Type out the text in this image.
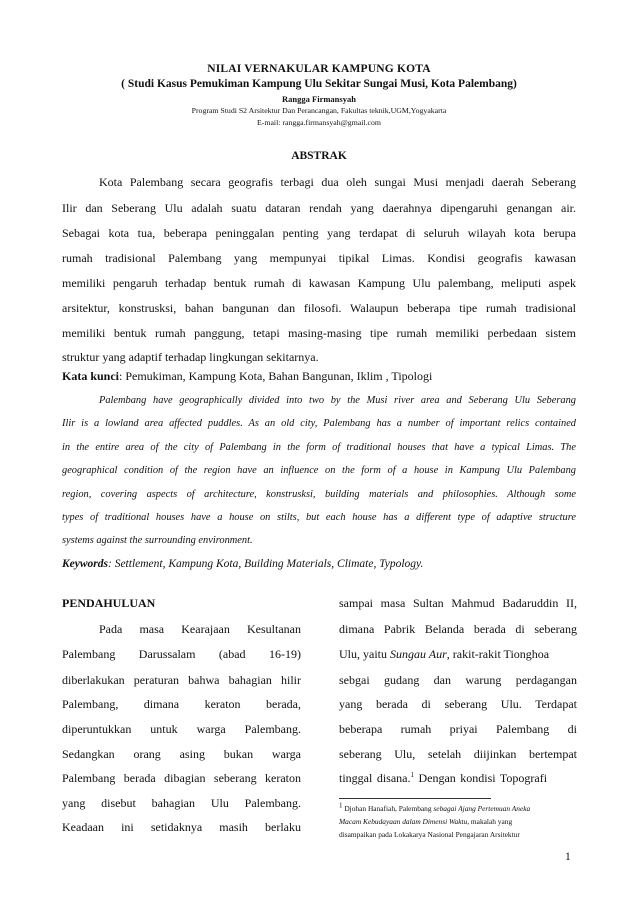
NILAI VERNAKULAR KAMPUNG KOTA
( Studi Kasus Pemukiman Kampung Ulu Sekitar Sungai Musi, Kota Palembang)
Rangga Firmansyah
Program Studi S2 Arsitektur Dan Perancangan, Fakultas teknik,UGM,Yogyakarta
E-mail: rangga.firmansyah@gmail.com
ABSTRAK
Kota Palembang secara geografis terbagi dua oleh sungai Musi menjadi daerah Seberang
Ilir dan Seberang Ulu adalah suatu dataran rendah yang daerahnya dipengaruhi genangan air.
Sebagai kota tua, beberapa peninggalan penting yang terdapat di seluruh wilayah kota berupa
rumah tradisional Palembang yang mempunyai tipikal Limas. Kondisi geografis kawasan
memiliki pengaruh terhadap bentuk rumah di kawasan Kampung Ulu palembang, meliputi aspek
arsitektur, konstrusksi, bahan bangunan dan filosofi. Walaupun beberapa tipe rumah tradisional
memiliki bentuk rumah panggung, tetapi masing-masing tipe rumah memiliki perbedaan sistem
struktur yang adaptif terhadap lingkungan sekitarnya.
Kata kunci: Pemukiman, Kampung Kota, Bahan Bangunan, Iklim , Tipologi
Palembang have geographically divided into two by the Musi river area and Seberang Ulu Seberang
Ilir is a lowland area affected puddles. As an old city, Palembang has a number of important relics contained
in the entire area of the city of Palembang in the form of traditional houses that have a typical Limas. The
geographical condition of the region have an influence on the form of a house in Kampung Ulu Palembang
region, covering aspects of architecture, konstrusksi, building materials and philosophies. Although some
types of traditional houses have a house on stilts, but each house has a different type of adaptive structure
systems against the surrounding environment.
Keywords: Settlement, Kampung Kota, Building Materials, Climate, Typology.
PENDAHULUAN
Pada masa Kearajaan Kesultanan
Palembang Darussalam (abad 16-19)
diberlakukan peraturan bahwa bahagian hilir
Palembang, dimana keraton berada,
diperuntukkan untuk warga Palembang.
Sedangkan orang asing bukan warga
Palembang berada dibagian seberang keraton
yang disebut bahagian Ulu Palembang.
Keadaan ini setidaknya masih berlaku
sampai masa Sultan Mahmud Badaruddin II,
dimana Pabrik Belanda berada di seberang
Ulu, yaitu Sungau Aur, rakit-rakit Tionghoa
sebgai gudang dan warung perdagangan
yang berada di seberang Ulu. Terdapat
beberapa rumah priyai Palembang di
seberang Ulu, setelah diijinkan bertempat
tinggal disana.$^1$ Dengan kondisi Topografi
$^1$ Djohan Hanafiah, Palembang sebagai Ajang Pertemuan Aneka
Macam Kebudayaan dalam Dimensi Waktu, makalah yang
disampaikan pada Lokakarya Nasional Pengajaran Arsitektur
1
